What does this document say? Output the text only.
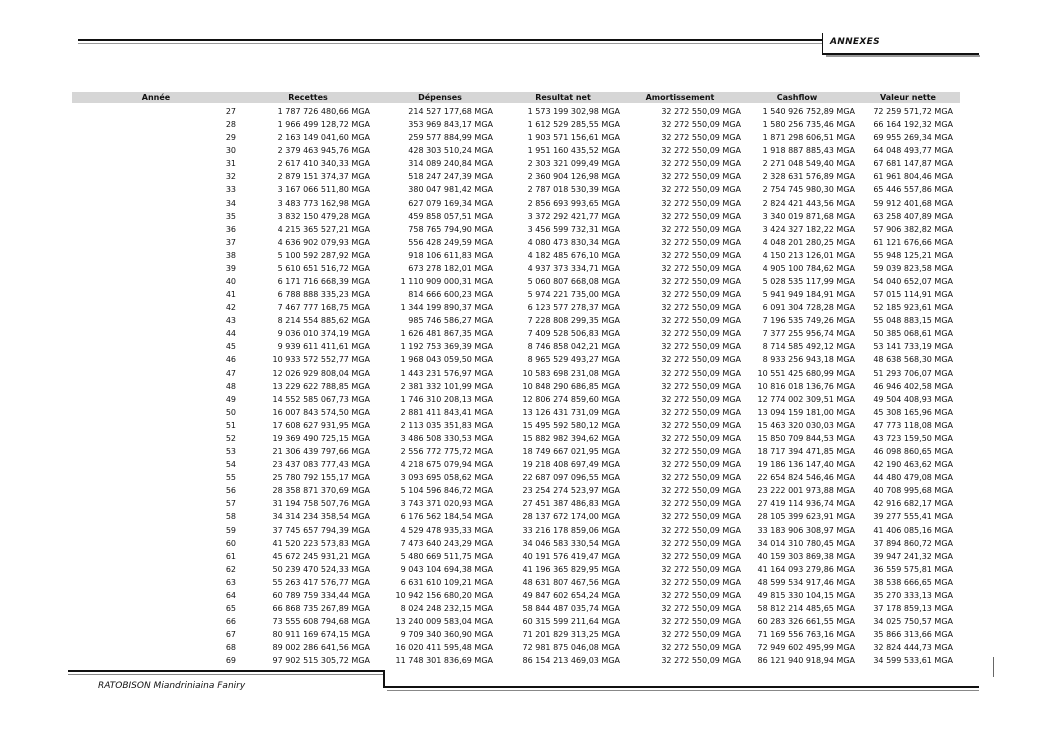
ANNEXES
Année	Recettes	Dépenses	Resultat net	Amortissement	Cashflow	Valeur nette
27	1 787 726 480,66 MGA	214 527 177,68 MGA	1 573 199 302,98 MGA	32 272 550,09 MGA	1 540 926 752,89 MGA	72 259 571,72 MGA
28	1 966 499 128,72 MGA	353 969 843,17 MGA	1 612 529 285,55 MGA	32 272 550,09 MGA	1 580 256 735,46 MGA	66 164 192,32 MGA
29	2 163 149 041,60 MGA	259 577 884,99 MGA	1 903 571 156,61 MGA	32 272 550,09 MGA	1 871 298 606,51 MGA	69 955 269,34 MGA
30	2 379 463 945,76 MGA	428 303 510,24 MGA	1 951 160 435,52 MGA	32 272 550,09 MGA	1 918 887 885,43 MGA	64 048 493,77 MGA
31	2 617 410 340,33 MGA	314 089 240,84 MGA	2 303 321 099,49 MGA	32 272 550,09 MGA	2 271 048 549,40 MGA	67 681 147,87 MGA
32	2 879 151 374,37 MGA	518 247 247,39 MGA	2 360 904 126,98 MGA	32 272 550,09 MGA	2 328 631 576,89 MGA	61 961 804,46 MGA
33	3 167 066 511,80 MGA	380 047 981,42 MGA	2 787 018 530,39 MGA	32 272 550,09 MGA	2 754 745 980,30 MGA	65 446 557,86 MGA
34	3 483 773 162,98 MGA	627 079 169,34 MGA	2 856 693 993,65 MGA	32 272 550,09 MGA	2 824 421 443,56 MGA	59 912 401,68 MGA
35	3 832 150 479,28 MGA	459 858 057,51 MGA	3 372 292 421,77 MGA	32 272 550,09 MGA	3 340 019 871,68 MGA	63 258 407,89 MGA
36	4 215 365 527,21 MGA	758 765 794,90 MGA	3 456 599 732,31 MGA	32 272 550,09 MGA	3 424 327 182,22 MGA	57 906 382,82 MGA
37	4 636 902 079,93 MGA	556 428 249,59 MGA	4 080 473 830,34 MGA	32 272 550,09 MGA	4 048 201 280,25 MGA	61 121 676,66 MGA
38	5 100 592 287,92 MGA	918 106 611,83 MGA	4 182 485 676,10 MGA	32 272 550,09 MGA	4 150 213 126,01 MGA	55 948 125,21 MGA
39	5 610 651 516,72 MGA	673 278 182,01 MGA	4 937 373 334,71 MGA	32 272 550,09 MGA	4 905 100 784,62 MGA	59 039 823,58 MGA
40	6 171 716 668,39 MGA	1 110 909 000,31 MGA	5 060 807 668,08 MGA	32 272 550,09 MGA	5 028 535 117,99 MGA	54 040 652,07 MGA
41	6 788 888 335,23 MGA	814 666 600,23 MGA	5 974 221 735,00 MGA	32 272 550,09 MGA	5 941 949 184,91 MGA	57 015 114,91 MGA
42	7 467 777 168,75 MGA	1 344 199 890,37 MGA	6 123 577 278,37 MGA	32 272 550,09 MGA	6 091 304 728,28 MGA	52 185 923,61 MGA
43	8 214 554 885,62 MGA	985 746 586,27 MGA	7 228 808 299,35 MGA	32 272 550,09 MGA	7 196 535 749,26 MGA	55 048 883,15 MGA
44	9 036 010 374,19 MGA	1 626 481 867,35 MGA	7 409 528 506,83 MGA	32 272 550,09 MGA	7 377 255 956,74 MGA	50 385 068,61 MGA
45	9 939 611 411,61 MGA	1 192 753 369,39 MGA	8 746 858 042,21 MGA	32 272 550,09 MGA	8 714 585 492,12 MGA	53 141 733,19 MGA
46	10 933 572 552,77 MGA	1 968 043 059,50 MGA	8 965 529 493,27 MGA	32 272 550,09 MGA	8 933 256 943,18 MGA	48 638 568,30 MGA
47	12 026 929 808,04 MGA	1 443 231 576,97 MGA	10 583 698 231,08 MGA	32 272 550,09 MGA	10 551 425 680,99 MGA	51 293 706,07 MGA
48	13 229 622 788,85 MGA	2 381 332 101,99 MGA	10 848 290 686,85 MGA	32 272 550,09 MGA	10 816 018 136,76 MGA	46 946 402,58 MGA
49	14 552 585 067,73 MGA	1 746 310 208,13 MGA	12 806 274 859,60 MGA	32 272 550,09 MGA	12 774 002 309,51 MGA	49 504 408,93 MGA
50	16 007 843 574,50 MGA	2 881 411 843,41 MGA	13 126 431 731,09 MGA	32 272 550,09 MGA	13 094 159 181,00 MGA	45 308 165,96 MGA
51	17 608 627 931,95 MGA	2 113 035 351,83 MGA	15 495 592 580,12 MGA	32 272 550,09 MGA	15 463 320 030,03 MGA	47 773 118,08 MGA
52	19 369 490 725,15 MGA	3 486 508 330,53 MGA	15 882 982 394,62 MGA	32 272 550,09 MGA	15 850 709 844,53 MGA	43 723 159,50 MGA
53	21 306 439 797,66 MGA	2 556 772 775,72 MGA	18 749 667 021,95 MGA	32 272 550,09 MGA	18 717 394 471,85 MGA	46 098 860,65 MGA
54	23 437 083 777,43 MGA	4 218 675 079,94 MGA	19 218 408 697,49 MGA	32 272 550,09 MGA	19 186 136 147,40 MGA	42 190 463,62 MGA
55	25 780 792 155,17 MGA	3 093 695 058,62 MGA	22 687 097 096,55 MGA	32 272 550,09 MGA	22 654 824 546,46 MGA	44 480 479,08 MGA
56	28 358 871 370,69 MGA	5 104 596 846,72 MGA	23 254 274 523,97 MGA	32 272 550,09 MGA	23 222 001 973,88 MGA	40 708 995,68 MGA
57	31 194 758 507,76 MGA	3 743 371 020,93 MGA	27 451 387 486,83 MGA	32 272 550,09 MGA	27 419 114 936,74 MGA	42 916 682,17 MGA
58	34 314 234 358,54 MGA	6 176 562 184,54 MGA	28 137 672 174,00 MGA	32 272 550,09 MGA	28 105 399 623,91 MGA	39 277 555,41 MGA
59	37 745 657 794,39 MGA	4 529 478 935,33 MGA	33 216 178 859,06 MGA	32 272 550,09 MGA	33 183 906 308,97 MGA	41 406 085,16 MGA
60	41 520 223 573,83 MGA	7 473 640 243,29 MGA	34 046 583 330,54 MGA	32 272 550,09 MGA	34 014 310 780,45 MGA	37 894 860,72 MGA
61	45 672 245 931,21 MGA	5 480 669 511,75 MGA	40 191 576 419,47 MGA	32 272 550,09 MGA	40 159 303 869,38 MGA	39 947 241,32 MGA
62	50 239 470 524,33 MGA	9 043 104 694,38 MGA	41 196 365 829,95 MGA	32 272 550,09 MGA	41 164 093 279,86 MGA	36 559 575,81 MGA
63	55 263 417 576,77 MGA	6 631 610 109,21 MGA	48 631 807 467,56 MGA	32 272 550,09 MGA	48 599 534 917,46 MGA	38 538 666,65 MGA
64	60 789 759 334,44 MGA	10 942 156 680,20 MGA	49 847 602 654,24 MGA	32 272 550,09 MGA	49 815 330 104,15 MGA	35 270 333,13 MGA
65	66 868 735 267,89 MGA	8 024 248 232,15 MGA	58 844 487 035,74 MGA	32 272 550,09 MGA	58 812 214 485,65 MGA	37 178 859,13 MGA
66	73 555 608 794,68 MGA	13 240 009 583,04 MGA	60 315 599 211,64 MGA	32 272 550,09 MGA	60 283 326 661,55 MGA	34 025 750,57 MGA
67	80 911 169 674,15 MGA	9 709 340 360,90 MGA	71 201 829 313,25 MGA	32 272 550,09 MGA	71 169 556 763,16 MGA	35 866 313,66 MGA
68	89 002 286 641,56 MGA	16 020 411 595,48 MGA	72 981 875 046,08 MGA	32 272 550,09 MGA	72 949 602 495,99 MGA	32 824 444,73 MGA
69	97 902 515 305,72 MGA	11 748 301 836,69 MGA	86 154 213 469,03 MGA	32 272 550,09 MGA	86 121 940 918,94 MGA	34 599 533,61 MGA
RATOBISON Miandriniaina Faniry
